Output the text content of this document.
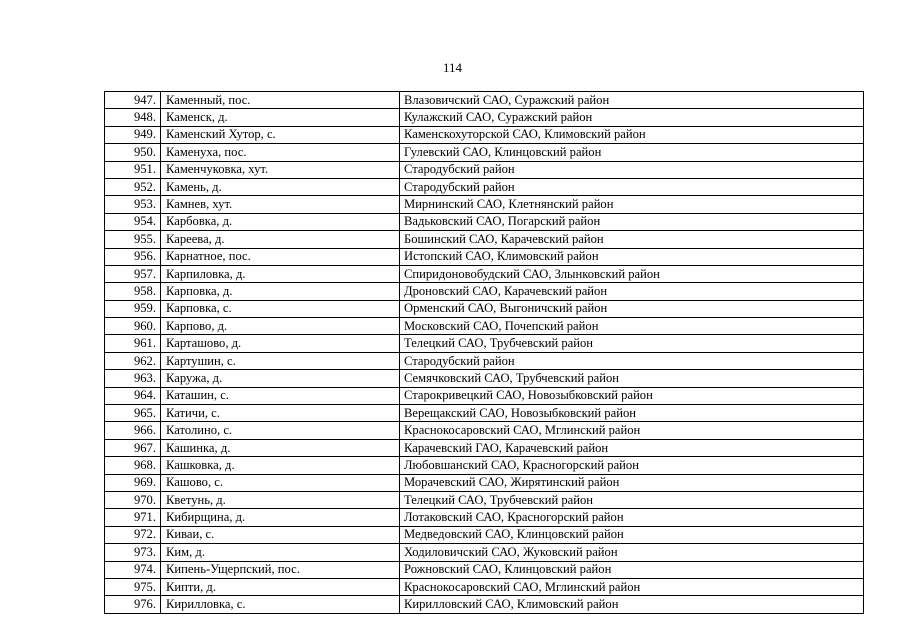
114
947.	Каменный, пос.	Влазовичский САО, Суражский район
948.	Каменск, д.	Кулажский САО, Суражский район
949.	Каменский Хутор, с.	Каменскохуторской САО, Климовский район
950.	Каменуха, пос.	Гулевский САО, Клинцовский район
951.	Каменчуковка, хут.	Стародубский район
952.	Камень, д.	Стародубский район
953.	Камнев, хут.	Мирнинский САО, Клетнянский район
954.	Карбовка, д.	Вадьковский САО, Погарский район
955.	Кареева, д.	Бошинский САО, Карачевский район
956.	Карнатное, пос.	Истопский САО, Климовский район
957.	Карпиловка, д.	Спиридоновобудский САО, Злынковский район
958.	Карповка, д.	Дроновский САО, Карачевский район
959.	Карповка, с.	Орменский САО, Выгоничский район
960.	Карпово, д.	Московский САО, Почепский район
961.	Карташово, д.	Телецкий САО, Трубчевский район
962.	Картушин, с.	Стародубский район
963.	Каружа, д.	Семячковский САО, Трубчевский район
964.	Каташин, с.	Старокривецкий САО, Новозыбковский район
965.	Катичи, с.	Верещакский САО, Новозыбковский район
966.	Католино, с.	Краснокосаровский САО, Мглинский район
967.	Кашинка, д.	Карачевский ГАО, Карачевский район
968.	Кашковка, д.	Любовшанский САО, Красногорский район
969.	Кашово, с.	Морачевский САО, Жирятинский район
970.	Кветунь, д.	Телецкий САО, Трубчевский район
971.	Кибирщина, д.	Лотаковский САО, Красногорский район
972.	Киваи, с.	Медведовский САО, Клинцовский район
973.	Ким, д.	Ходиловичский САО, Жуковский район
974.	Кипень-Ущерпский, пос.	Рожновский САО, Клинцовский район
975.	Кипти, д.	Краснокосаровский САО, Мглинский район
976.	Кирилловка, с.	Кирилловский САО, Климовский район
